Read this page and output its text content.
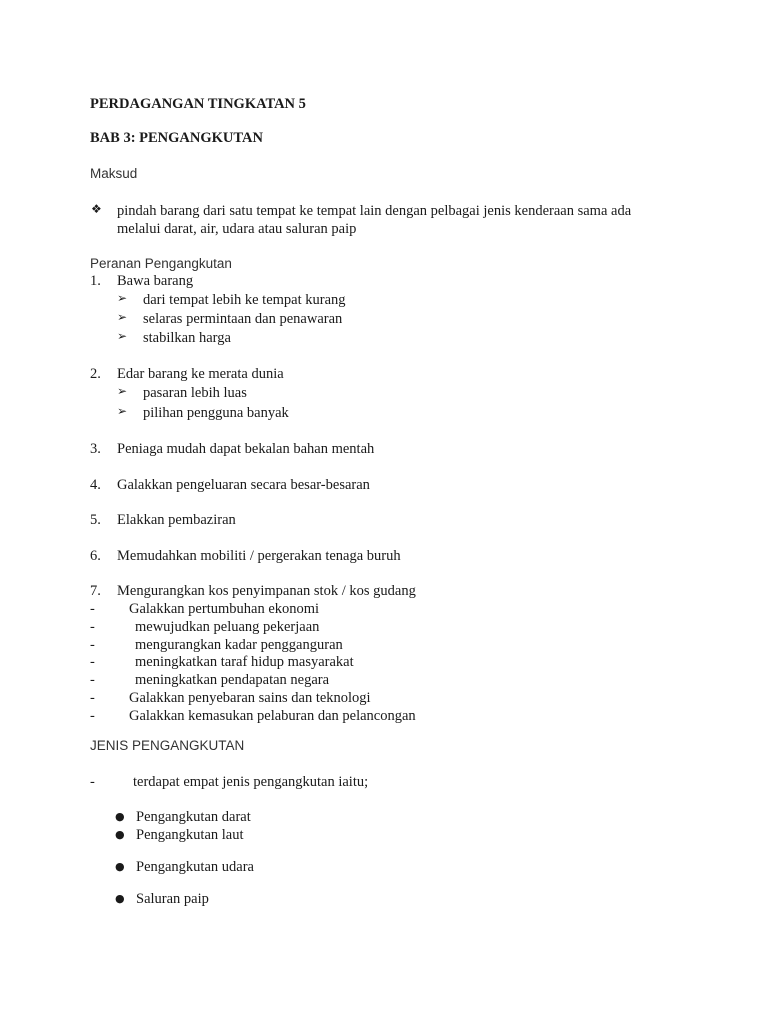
PERDAGANGAN TINGKATAN 5
BAB 3: PENGANGKUTAN
Maksud
❖ pindah barang dari satu tempat ke tempat lain dengan pelbagai jenis kenderaan sama ada
melalui darat, air, udara atau saluran paip
Peranan Pengangkutan
1. Bawa barang
➢ dari tempat lebih ke tempat kurang
➢ selaras permintaan dan penawaran
➢ stabilkan harga
2. Edar barang ke merata dunia
➢ pasaran lebih luas
➢ pilihan pengguna banyak
3. Peniaga mudah dapat bekalan bahan mentah
4. Galakkan pengeluaran secara besar-besaran
5. Elakkan pembaziran
6. Memudahkan mobiliti / pergerakan tenaga buruh
7. Mengurangkan kos penyimpanan stok / kos gudang
- Galakkan pertumbuhan ekonomi
-	mewujudkan peluang pekerjaan
-	mengurangkan kadar pengganguran
-	meningkatkan taraf hidup masyarakat
-	meningkatkan pendapatan negara
- Galakkan penyebaran sains dan teknologi
- Galakkan kemasukan pelaburan dan pelancongan
JENIS PENGANGKUTAN
-	terdapat empat jenis pengangkutan iaitu;
● Pengangkutan darat
● Pengangkutan laut
● Pengangkutan udara
● Saluran paip
